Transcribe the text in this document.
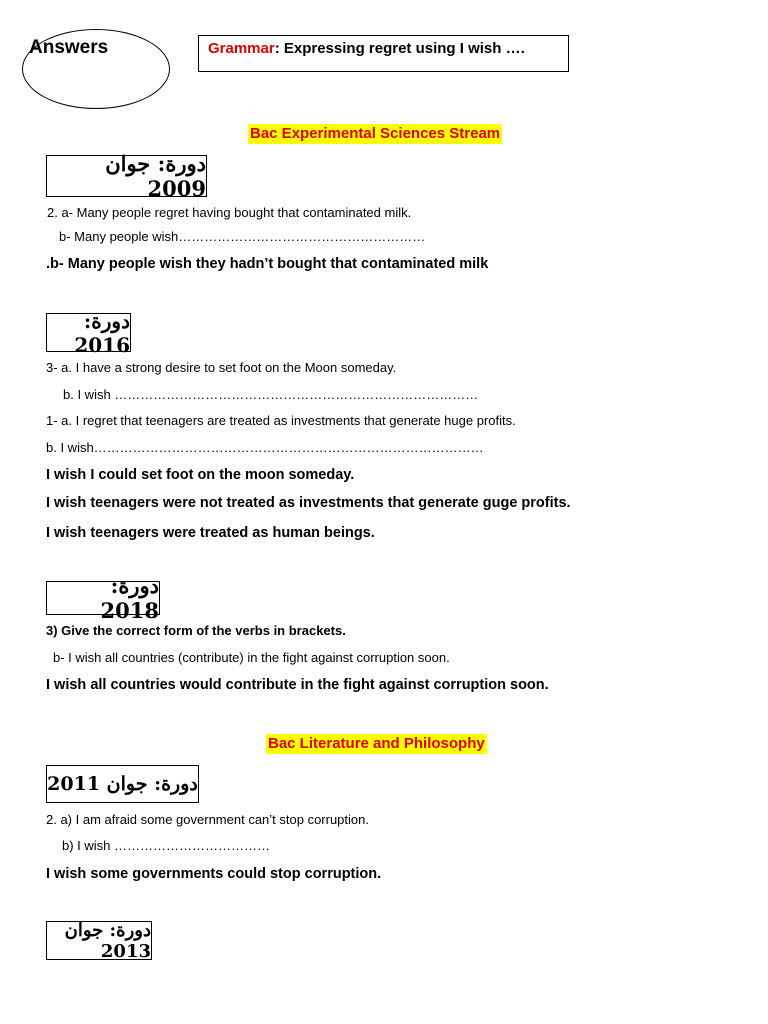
Answers	Grammar: Expressing regret using I wish ….
Bac Experimental Sciences Stream
دورة: جوان 2009
2. a- Many people regret having bought that contaminated milk.
b- Many people wish…………………………………………………
.b- Many people wish they hadn’t bought that contaminated milk
دورة: 2016
3- a. I have a strong desire to set foot on the Moon someday.
b. I wish …………………………………………………………………………
1- a. I regret that teenagers are treated as investments that generate huge profits.
b. I wish………………………………………………………………………………
I wish I could set foot on the moon someday.
I wish teenagers were not treated as investments that generate guge profits.
I wish teenagers were treated as human beings.
دورة: 2018
3) Give the correct form of the verbs in brackets.
b- I wish all countries (contribute) in the fight against corruption soon.
I wish all countries would contribute in the fight against corruption soon.
Bac Literature and Philosophy
دورة: جوان 2011
2. a) I am afraid some government can’t stop corruption.
b) I wish ………………………………
I wish some governments could stop corruption.
دورة: جوان 2013
